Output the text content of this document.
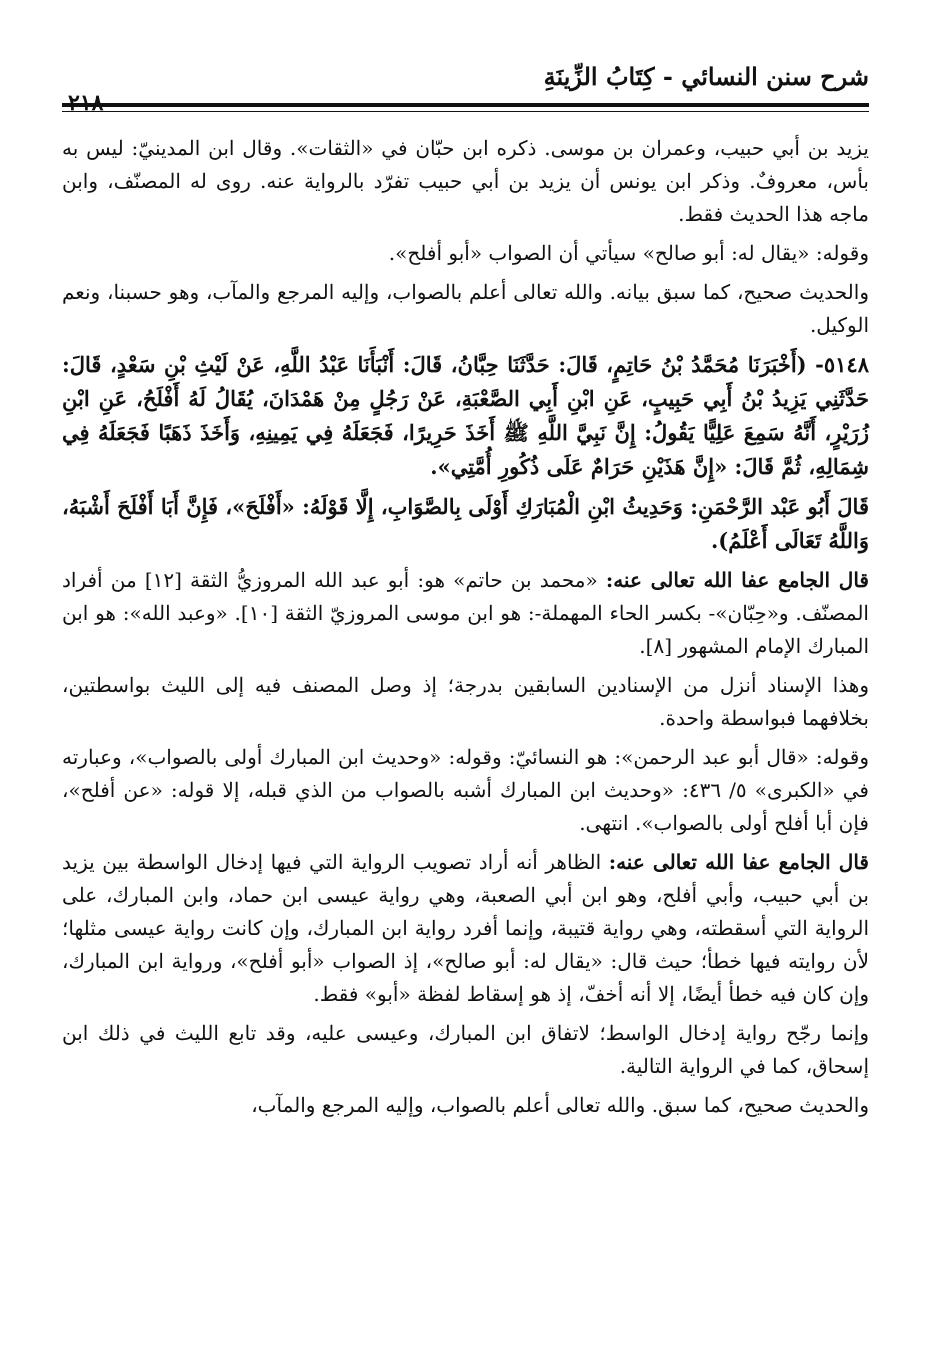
شرح سنن النسائي - كِتَابُ الزِّينَةِ

يزيد بن أبي حبيب، وعمران بن موسى. ذكره ابن حبّان في «الثقات». وقال ابن المدينيّ: ليس به بأس، معروفٌ. وذكر ابن يونس أن يزيد بن أبي حبيب تفرّد بالرواية عنه. روى له المصنّف، وابن ماجه هذا الحديث فقط.

وقوله: «يقال له: أبو صالح» سيأتي أن الصواب «أبو أفلح».

والحديث صحيح، كما سبق بيانه. والله تعالى أعلم بالصواب، وإليه المرجع والمآب، وهو حسبنا، ونعم الوكيل.

٥١٤٨- (أَخْبَرَنَا مُحَمَّدُ بْنُ حَاتِمٍ، قَالَ: حَدَّثَنَا حِبَّانُ، قَالَ: أَنْبَأَنَا عَبْدُ اللَّهِ، عَنْ لَيْثِ بْنِ سَعْدٍ، قَالَ: حَدَّثَنِي يَزِيدُ بْنُ أَبِي حَبِيبٍ، عَنِ ابْنِ أَبِي الصَّعْبَةِ، عَنْ رَجُلٍ مِنْ هَمْدَانَ، يُقَالُ لَهُ أَفْلَحُ، عَنِ ابْنِ زُرَيْرٍ، أَنَّهُ سَمِعَ عَلِيًّا يَقُولُ: إِنَّ نَبِيَّ اللَّهِ ﷺ أَخَذَ حَرِيرًا، فَجَعَلَهُ فِي يَمِينِهِ، وَأَخَذَ ذَهَبًا فَجَعَلَهُ فِي شِمَالِهِ، ثُمَّ قَالَ: «إِنَّ هَذَيْنِ حَرَامٌ عَلَى ذُكُورِ أُمَّتِي».

قَالَ أَبُو عَبْد الرَّحْمَنِ: وَحَدِيثُ ابْنِ الْمُبَارَكِ أَوْلَى بِالصَّوَابِ، إِلَّا قَوْلَهُ: «أَفْلَحَ»، فَإِنَّ أَبَا أَفْلَحَ أَشْبَهُ، وَاللَّهُ تَعَالَى أَعْلَمُ).

قال الجامع عفا الله تعالى عنه: «محمد بن حاتم» هو: أبو عبد الله المروزيُّ الثقة [١٢] من أفراد المصنّف. و«حِبّان»- بكسر الحاء المهملة-: هو ابن موسى المروزيّ الثقة [١٠]. «وعبد الله»: هو ابن المبارك الإمام المشهور [٨].

وهذا الإسناد أنزل من الإسنادين السابقين بدرجة؛ إذ وصل المصنف فيه إلى الليث بواسطتين، بخلافهما فبواسطة واحدة.

وقوله: «قال أبو عبد الرحمن»: هو النسائيّ: وقوله: «وحديث ابن المبارك أولى بالصواب»، وعبارته في «الكبرى» ٥/ ٤٣٦: «وحديث ابن المبارك أشبه بالصواب من الذي قبله، إلا قوله: «عن أفلح»، فإن أبا أفلح أولى بالصواب». انتهى.

قال الجامع عفا الله تعالى عنه: الظاهر أنه أراد تصويب الرواية التي فيها إدخال الواسطة بين يزيد بن أبي حبيب، وأبي أفلح، وهو ابن أبي الصعبة، وهي رواية عيسى ابن حماد، وابن المبارك، على الرواية التي أسقطته، وهي رواية قتيبة، وإنما أفرد رواية ابن المبارك، وإن كانت رواية عيسى مثلها؛ لأن روايته فيها خطأ؛ حيث قال: «يقال له: أبو صالح»، إذ الصواب «أبو أفلح»، ورواية ابن المبارك، وإن كان فيه خطأ أيضًا، إلا أنه أخفّ، إذ هو إسقاط لفظة «أبو» فقط.

وإنما رجّح رواية إدخال الواسط؛ لاتفاق ابن المبارك، وعيسى عليه، وقد تابع الليث في ذلك ابن إسحاق، كما في الرواية التالية.

والحديث صحيح، كما سبق. والله تعالى أعلم بالصواب، وإليه المرجع والمآب،
